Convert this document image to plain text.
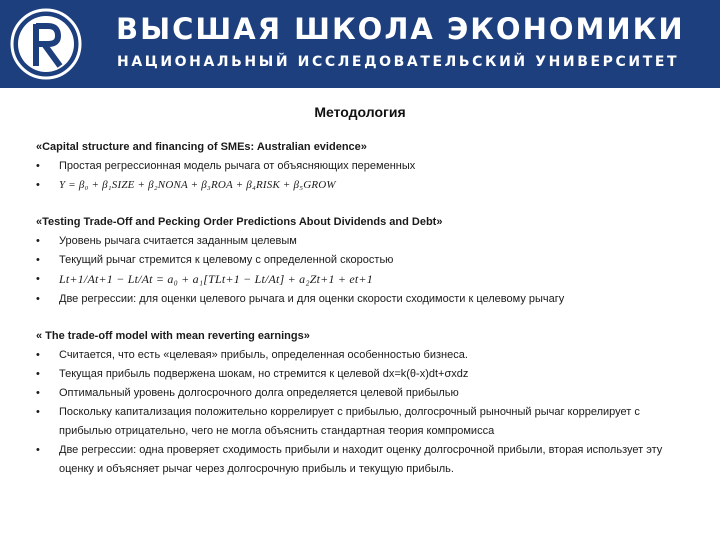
ВЫСШАЯ ШКОЛА ЭКОНОМИКИ
НАЦИОНАЛЬНЫЙ ИССЛЕДОВАТЕЛЬСКИЙ УНИВЕРСИТЕТ
Методология
«Capital structure and financing of SMEs: Australian evidence»
• Простая регрессионная модель рычага от объясняющих переменных
• Y = β₀ + β₁SIZE + β₂NONA + β₃ROA + β₄RISK + β₅GROW
«Testing Trade-Off and Pecking Order Predictions About Dividends and Debt»
• Уровень рычага считается заданным целевым
• Текущий рычаг стремится к целевому с определенной скоростью
• Lt+1/At+1 − Lt/At = a₀ + a₁[TLt+1 − Lt/At] + a₂Zt+1 + et+1
• Две регрессии: для оценки целевого рычага и для оценки скорости сходимости к целевому рычагу
« The trade-off model with mean reverting earnings»
• Считается, что есть «целевая» прибыль, определенная особенностью бизнеса.
• Текущая прибыль подвержена шокам, но стремится к целевой dx=k(θ-x)dt+σxdz
• Оптимальный уровень долгосрочного долга определяется целевой прибылью
• Поскольку капитализация положительно коррелирует с прибылью, долгосрочный рыночный рычаг коррелирует с прибылью отрицательно, чего не могла объяснить стандартная теория компромисса
• Две регрессии: одна проверяет сходимость прибыли и находит оценку долгосрочной прибыли, вторая использует эту оценку и объясняет рычаг через долгосрочную прибыль и текущую прибыль.
